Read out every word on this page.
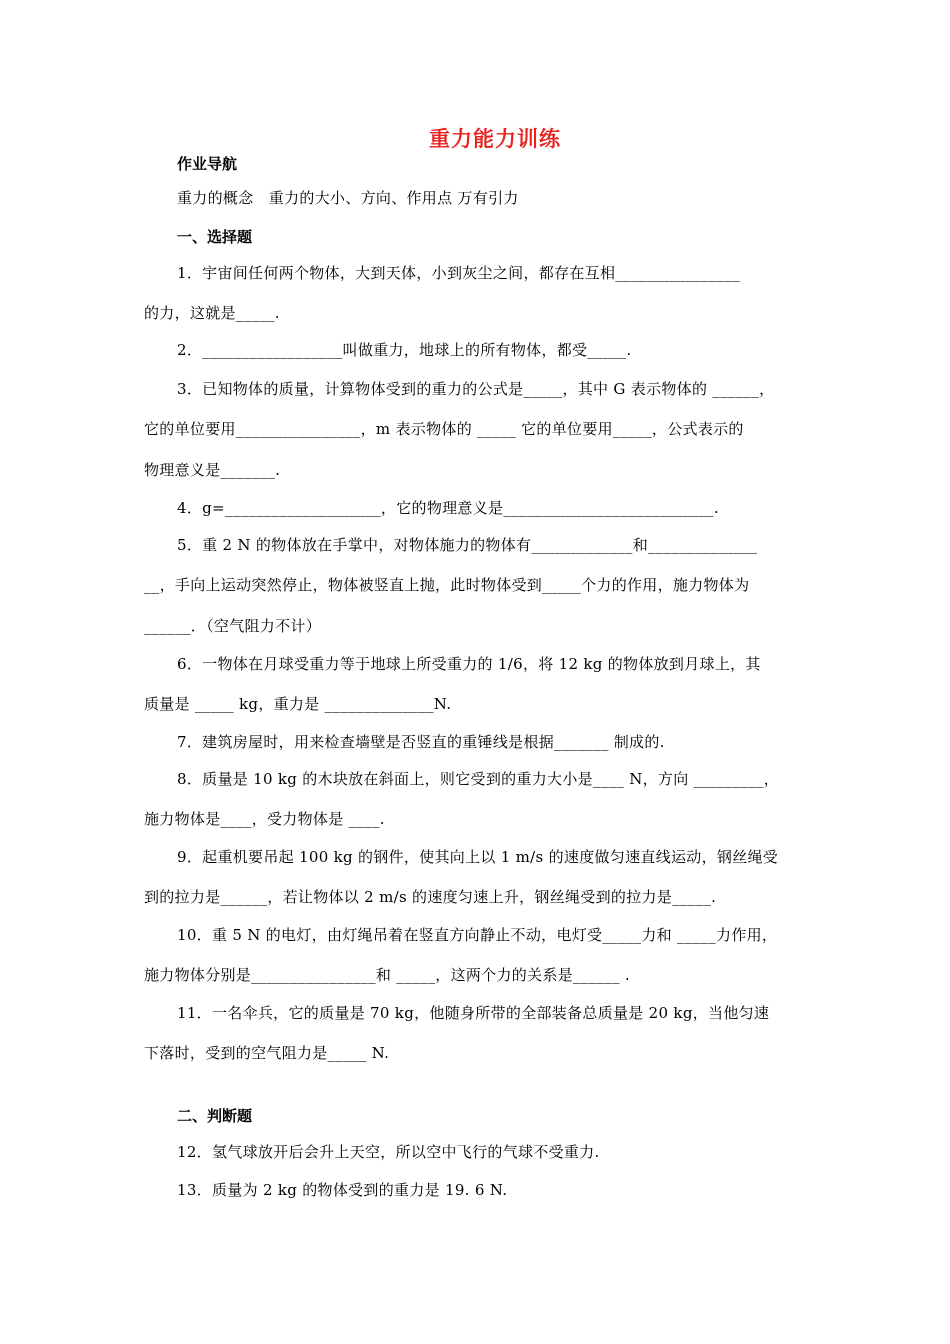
重力能力训练
作业导航
重力的概念　重力的大小、方向、作用点 万有引力
一、选择题
1．宇宙间任何两个物体，大到天体，小到灰尘之间，都存在互相________________
的力，这就是_____.
2．__________________叫做重力，地球上的所有物体，都受_____.
3．已知物体的质量，计算物体受到的重力的公式是_____，其中 G 表示物体的 ______，
它的单位要用________________，m 表示物体的 _____ 它的单位要用_____，公式表示的
物理意义是_______.
4．g=____________________，它的物理意义是___________________________.
5．重 2 N 的物体放在手掌中，对物体施力的物体有_____________和______________
__，手向上运动突然停止，物体被竖直上抛，此时物体受到_____个力的作用，施力物体为
______．（空气阻力不计）
6．一物体在月球受重力等于地球上所受重力的 1/6，将 12 kg 的物体放到月球上，其
质量是 _____ kg，重力是 ______________N.
7．建筑房屋时，用来检查墙壁是否竖直的重锤线是根据_______ 制成的.
8．质量是 10 kg 的木块放在斜面上，则它受到的重力大小是____ N，方向 _________，
施力物体是____，受力物体是 ____.
9．起重机要吊起 100 kg 的钢件，使其向上以 1 m/s 的速度做匀速直线运动，钢丝绳受
到的拉力是______，若让物体以 2 m/s 的速度匀速上升，钢丝绳受到的拉力是_____.
10．重 5 N 的电灯，由灯绳吊着在竖直方向静止不动，电灯受_____力和 _____力作用，
施力物体分别是________________和 _____，这两个力的关系是______ .
11．一名伞兵，它的质量是 70 kg，他随身所带的全部装备总质量是 20 kg，当他匀速
下落时，受到的空气阻力是_____ N.
二、判断题
12．氢气球放开后会升上天空，所以空中飞行的气球不受重力.
13．质量为 2 kg 的物体受到的重力是 19. 6 N.
